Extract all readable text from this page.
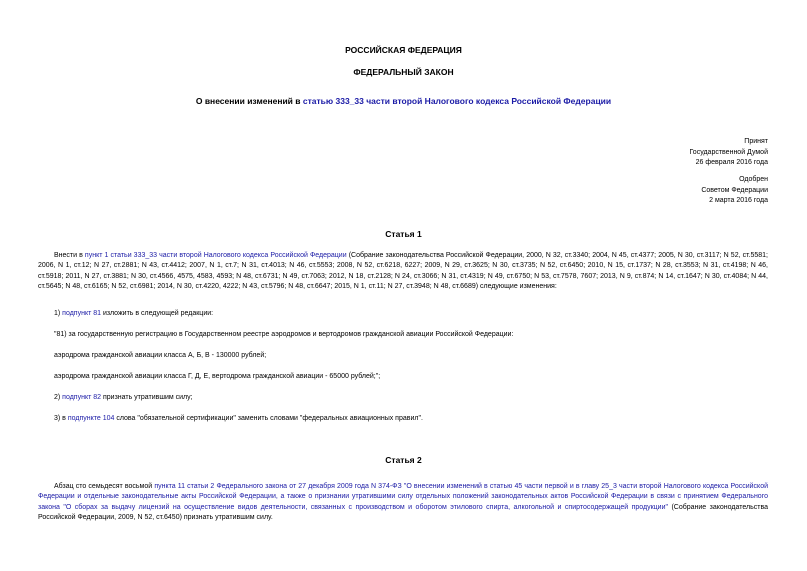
РОССИЙСКАЯ ФЕДЕРАЦИЯ
ФЕДЕРАЛЬНЫЙ ЗАКОН
О внесении изменений в статью 333_33 части второй Налогового кодекса Российской Федерации
Принят
Государственной Думой
26 февраля 2016 года
Одобрен
Советом Федерации
2 марта 2016 года
Статья 1
Внести в пункт 1 статьи 333_33 части второй Налогового кодекса Российской Федерации (Собрание законодательства Российской Федерации, 2000, N 32, ст.3340; 2004, N 45, ст.4377; 2005, N 30, ст.3117; N 52, ст.5581; 2006, N 1, ст.12; N 27, ст.2881; N 43, ст.4412; 2007, N 1, ст.7; N 31, ст.4013; N 46, ст.5553; 2008, N 52, ст.6218, 6227; 2009, N 29, ст.3625; N 30, ст.3735; N 52, ст.6450; 2010, N 15, ст.1737; N 28, ст.3553; N 31, ст.4198; N 46, ст.5918; 2011, N 27, ст.3881; N 30, ст.4566, 4575, 4583, 4593; N 48, ст.6731; N 49, ст.7063; 2012, N 18, ст.2128; N 24, ст.3066; N 31, ст.4319; N 49, ст.6750; N 53, ст.7578, 7607; 2013, N 9, ст.874; N 14, ст.1647; N 30, ст.4084; N 44, ст.5645; N 48, ст.6165; N 52, ст.6981; 2014, N 30, ст.4220, 4222; N 43, ст.5796; N 48, ст.6647; 2015, N 1, ст.11; N 27, ст.3948; N 48, ст.6689) следующие изменения:
1) подпункт 81 изложить в следующей редакции:
"81) за государственную регистрацию в Государственном реестре аэродромов и вертодромов гражданской авиации Российской Федерации:
аэродрома гражданской авиации класса А, Б, В - 130000 рублей;
аэродрома гражданской авиации класса Г, Д, Е, вертодрома гражданской авиации - 65000 рублей;";
2) подпункт 82 признать утратившим силу;
3) в подпункте 104 слова "обязательной сертификации" заменить словами "федеральных авиационных правил".
Статья 2
Абзац сто семьдесят восьмой пункта 11 статьи 2 Федерального закона от 27 декабря 2009 года N 374-ФЗ "О внесении изменений в статью 45 части первой и в главу 25_3 части второй Налогового кодекса Российской Федерации и отдельные законодательные акты Российской Федерации, а также о признании утратившими силу отдельных положений законодательных актов Российской Федерации в связи с принятием Федерального закона "О сборах за выдачу лицензий на осуществление видов деятельности, связанных с производством и оборотом этилового спирта, алкогольной и спиртосодержащей продукции" (Собрание законодательства Российской Федерации, 2009, N 52, ст.6450) признать утратившим силу.
